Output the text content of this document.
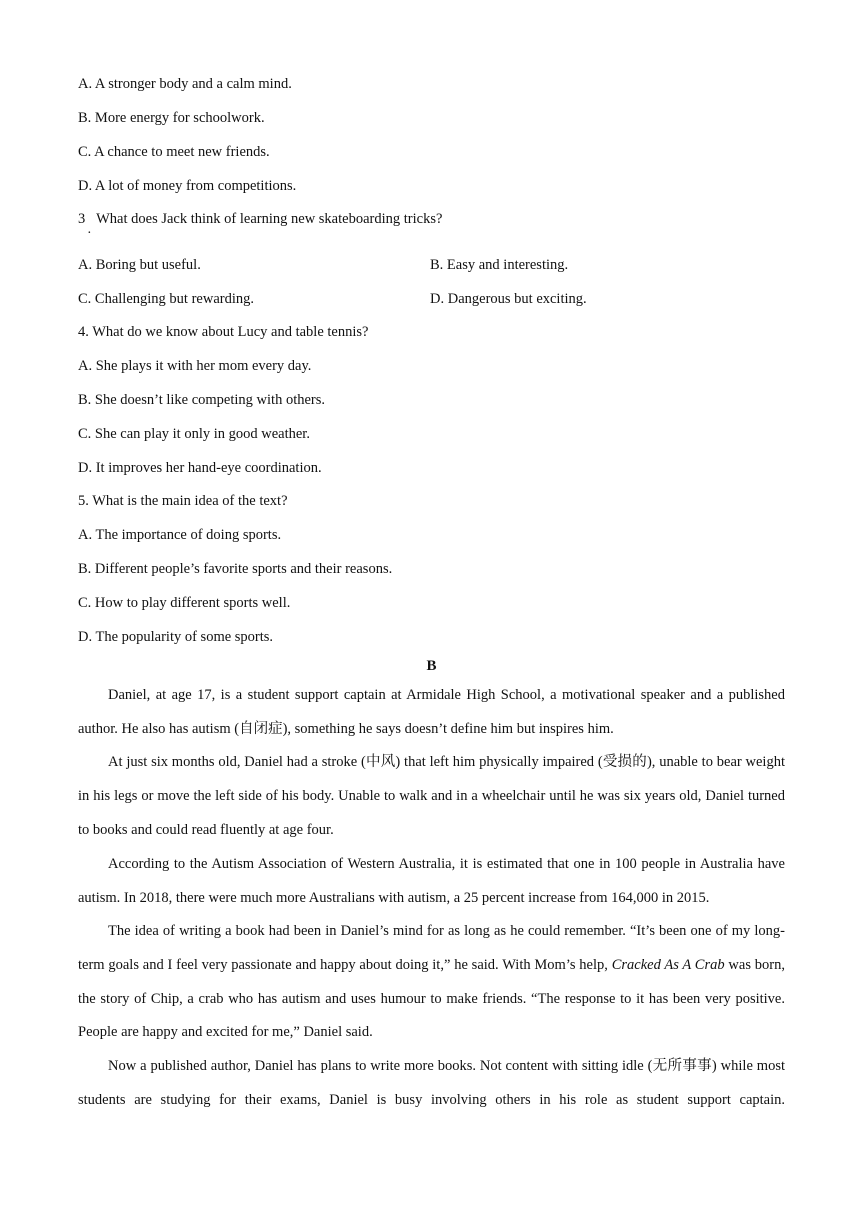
A. A stronger body and a calm mind.
B. More energy for schoolwork.
C. A chance to meet new friends.
D. A lot of money from competitions.
3 What does Jack think of learning new skateboarding tricks?
·
A. Boring but useful.	B. Easy and interesting.
C. Challenging but rewarding.	D. Dangerous but exciting.
4. What do we know about Lucy and table tennis?
A. She plays it with her mom every day.
B. She doesn’t like competing with others.
C. She can play it only in good weather.
D. It improves her hand-eye coordination.
5. What is the main idea of the text?
A. The importance of doing sports.
B. Different people’s favorite sports and their reasons.
C. How to play different sports well.
D. The popularity of some sports.
B

Daniel, at age 17, is a student support captain at Armidale High School, a motivational speaker and a published author. He also has autism (自闭症), something he says doesn’t define him but inspires him.

At just six months old, Daniel had a stroke (中风) that left him physically impaired (受损的), unable to bear weight in his legs or move the left side of his body. Unable to walk and in a wheelchair until he was six years old, Daniel turned to books and could read fluently at age four.

According to the Autism Association of Western Australia, it is estimated that one in 100 people in Australia have autism. In 2018, there were much more Australians with autism, a 25 percent increase from 164,000 in 2015.

The idea of writing a book had been in Daniel’s mind for as long as he could remember. “It’s been one of my long-term goals and I feel very passionate and happy about doing it,” he said. With Mom’s help, Cracked As A Crab was born, the story of Chip, a crab who has autism and uses humour to make friends. “The response to it has been very positive. People are happy and excited for me,” Daniel said.

Now a published author, Daniel has plans to write more books. Not content with sitting idle (无所事事) while most students are studying for their exams, Daniel is busy involving others in his role as student support captain.
